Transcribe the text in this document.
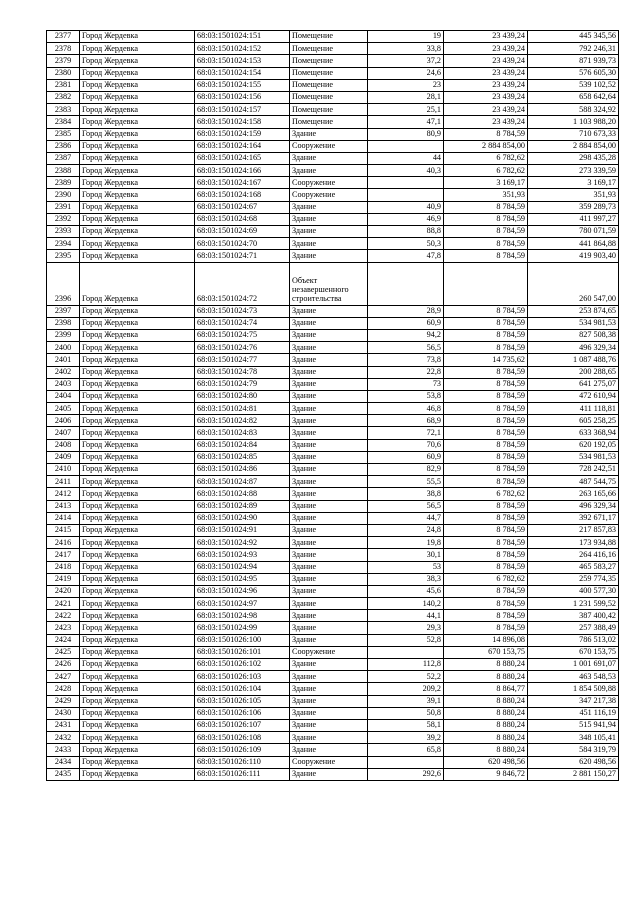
2377	Город Жердевка	68:03:1501024:151	Помещение	19	23 439,24	445 345,56
2378	Город Жердевка	68:03:1501024:152	Помещение	33,8	23 439,24	792 246,31
2379	Город Жердевка	68:03:1501024:153	Помещение	37,2	23 439,24	871 939,73
2380	Город Жердевка	68:03:1501024:154	Помещение	24,6	23 439,24	576 605,30
2381	Город Жердевка	68:03:1501024:155	Помещение	23	23 439,24	539 102,52
2382	Город Жердевка	68:03:1501024:156	Помещение	28,1	23 439,24	658 642,64
2383	Город Жердевка	68:03:1501024:157	Помещение	25,1	23 439,24	588 324,92
2384	Город Жердевка	68:03:1501024:158	Помещение	47,1	23 439,24	1 103 988,20
2385	Город Жердевка	68:03:1501024:159	Здание	80,9	8 784,59	710 673,33
2386	Город Жердевка	68:03:1501024:164	Сооружение		2 884 854,00	2 884 854,00
2387	Город Жердевка	68:03:1501024:165	Здание	44	6 782,62	298 435,28
2388	Город Жердевка	68:03:1501024:166	Здание	40,3	6 782,62	273 339,59
2389	Город Жердевка	68:03:1501024:167	Сооружение		3 169,17	3 169,17
2390	Город Жердевка	68:03:1501024:168	Сооружение		351,93	351,93
2391	Город Жердевка	68:03:1501024:67	Здание	40,9	8 784,59	359 289,73
2392	Город Жердевка	68:03:1501024:68	Здание	46,9	8 784,59	411 997,27
2393	Город Жердевка	68:03:1501024:69	Здание	88,8	8 784,59	780 071,59
2394	Город Жердевка	68:03:1501024:70	Здание	50,3	8 784,59	441 864,88
2395	Город Жердевка	68:03:1501024:71	Здание	47,8	8 784,59	419 903,40
2396	Город Жердевка	68:03:1501024:72	Объект незавершенного строительства			260 547,00
2397	Город Жердевка	68:03:1501024:73	Здание	28,9	8 784,59	253 874,65
2398	Город Жердевка	68:03:1501024:74	Здание	60,9	8 784,59	534 981,53
2399	Город Жердевка	68:03:1501024:75	Здание	94,2	8 784,59	827 508,38
2400	Город Жердевка	68:03:1501024:76	Здание	56,5	8 784,59	496 329,34
2401	Город Жердевка	68:03:1501024:77	Здание	73,8	14 735,62	1 087 488,76
2402	Город Жердевка	68:03:1501024:78	Здание	22,8	8 784,59	200 288,65
2403	Город Жердевка	68:03:1501024:79	Здание	73	8 784,59	641 275,07
2404	Город Жердевка	68:03:1501024:80	Здание	53,8	8 784,59	472 610,94
2405	Город Жердевка	68:03:1501024:81	Здание	46,8	8 784,59	411 118,81
2406	Город Жердевка	68:03:1501024:82	Здание	68,9	8 784,59	605 258,25
2407	Город Жердевка	68:03:1501024:83	Здание	72,1	8 784,59	633 368,94
2408	Город Жердевка	68:03:1501024:84	Здание	70,6	8 784,59	620 192,05
2409	Город Жердевка	68:03:1501024:85	Здание	60,9	8 784,59	534 981,53
2410	Город Жердевка	68:03:1501024:86	Здание	82,9	8 784,59	728 242,51
2411	Город Жердевка	68:03:1501024:87	Здание	55,5	8 784,59	487 544,75
2412	Город Жердевка	68:03:1501024:88	Здание	38,8	6 782,62	263 165,66
2413	Город Жердевка	68:03:1501024:89	Здание	56,5	8 784,59	496 329,34
2414	Город Жердевка	68:03:1501024:90	Здание	44,7	8 784,59	392 671,17
2415	Город Жердевка	68:03:1501024:91	Здание	24,8	8 784,59	217 857,83
2416	Город Жердевка	68:03:1501024:92	Здание	19,8	8 784,59	173 934,88
2417	Город Жердевка	68:03:1501024:93	Здание	30,1	8 784,59	264 416,16
2418	Город Жердевка	68:03:1501024:94	Здание	53	8 784,59	465 583,27
2419	Город Жердевка	68:03:1501024:95	Здание	38,3	6 782,62	259 774,35
2420	Город Жердевка	68:03:1501024:96	Здание	45,6	8 784,59	400 577,30
2421	Город Жердевка	68:03:1501024:97	Здание	140,2	8 784,59	1 231 599,52
2422	Город Жердевка	68:03:1501024:98	Здание	44,1	8 784,59	387 400,42
2423	Город Жердевка	68:03:1501024:99	Здание	29,3	8 784,59	257 388,49
2424	Город Жердевка	68:03:1501026:100	Здание	52,8	14 896,08	786 513,02
2425	Город Жердевка	68:03:1501026:101	Сооружение		670 153,75	670 153,75
2426	Город Жердевка	68:03:1501026:102	Здание	112,8	8 880,24	1 001 691,07
2427	Город Жердевка	68:03:1501026:103	Здание	52,2	8 880,24	463 548,53
2428	Город Жердевка	68:03:1501026:104	Здание	209,2	8 864,77	1 854 509,88
2429	Город Жердевка	68:03:1501026:105	Здание	39,1	8 880,24	347 217,38
2430	Город Жердевка	68:03:1501026:106	Здание	50,8	8 880,24	451 116,19
2431	Город Жердевка	68:03:1501026:107	Здание	58,1	8 880,24	515 941,94
2432	Город Жердевка	68:03:1501026:108	Здание	39,2	8 880,24	348 105,41
2433	Город Жердевка	68:03:1501026:109	Здание	65,8	8 880,24	584 319,79
2434	Город Жердевка	68:03:1501026:110	Сооружение		620 498,56	620 498,56
2435	Город Жердевка	68:03:1501026:111	Здание	292,6	9 846,72	2 881 150,27
